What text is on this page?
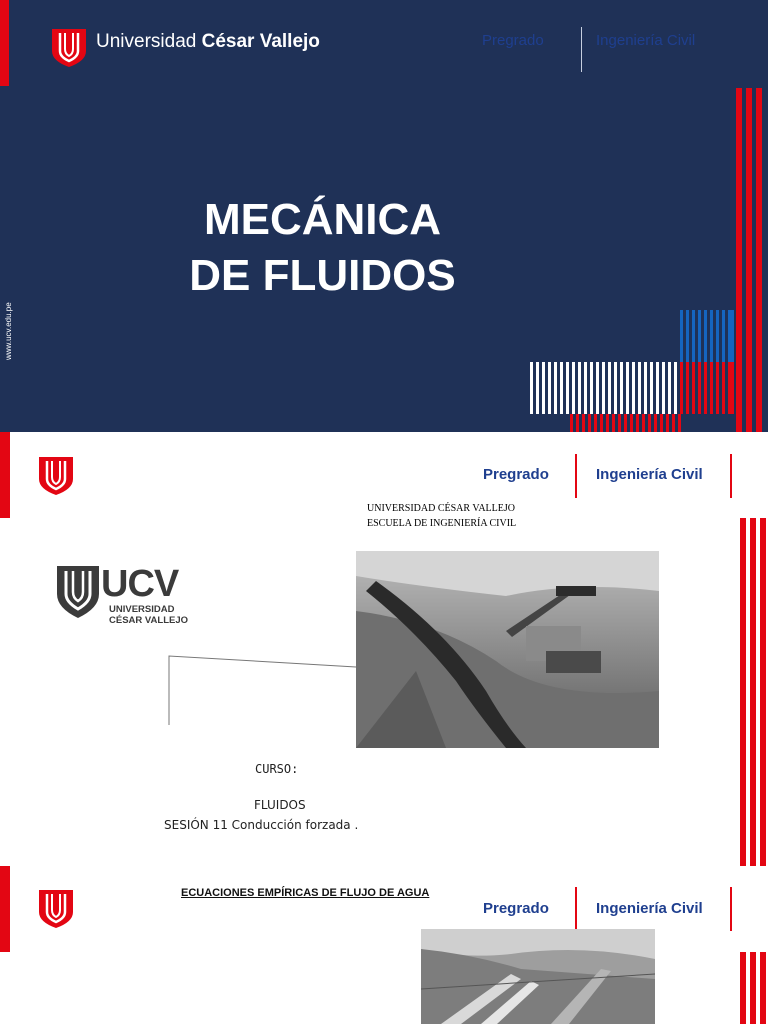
Universidad César Vallejo	Pregrado	Ingeniería Civil
MECÁNICA
DE FLUIDOS
www.ucv.edu.pe
Pregrado	Ingeniería Civil
UNIVERSIDAD CÉSAR VALLEJO
ESCUELA DE INGENIERÍA CIVIL
UCV
UNIVERSIDAD
CÉSAR VALLEJO
CURSO:
FLUIDOS
SESIÓN 11 Conducción forzada .
ECUACIONES EMPÍRICAS DE FLUJO DE AGUA
Pregrado	Ingeniería Civil
